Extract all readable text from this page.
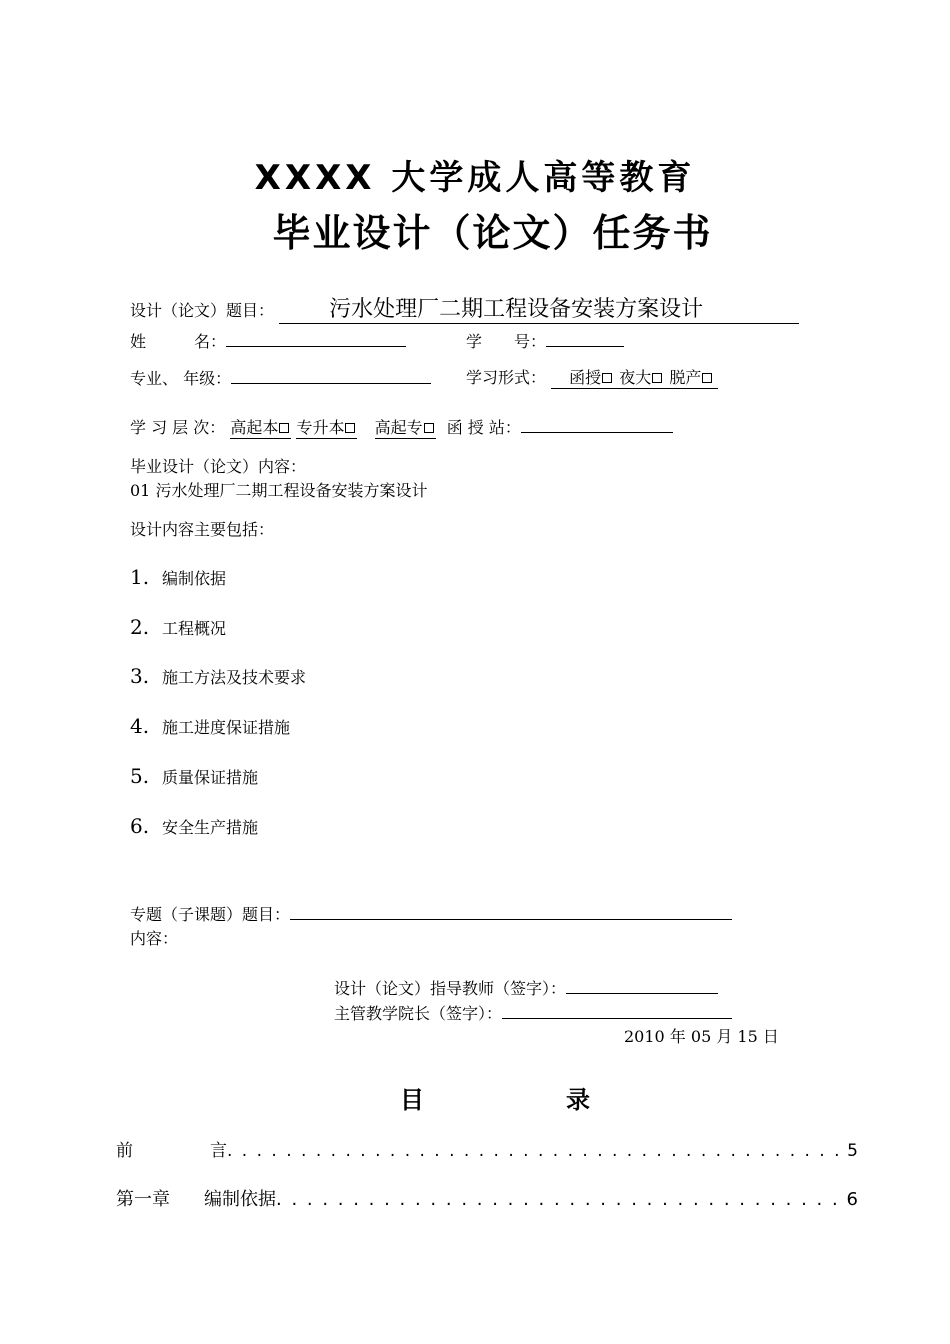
XXXX 大学成人高等教育
毕业设计（论文）任务书
设计（论文）题目：	污水处理厂二期工程设备安装方案设计
姓　　　名：	学　　号：
专业、 年级：	学习形式： 函授 夜大 脱产
学 习 层 次： 高起本 专升本 高起专 函 授 站：
毕业设计（论文）内容：
01 污水处理厂二期工程设备安装方案设计
设计内容主要包括：
1. 编制依据
2. 工程概况
3. 施工方法及技术要求
4. 施工进度保证措施
5. 质量保证措施
6. 安全生产措施
专题（子课题）题目：
内容：
设计（论文）指导教师（签字）：
主管教学院长（签字）：
2010 年 05 月 15 日
目	录
前	言 . . .	5
第一章	编制依据 . . .	6
